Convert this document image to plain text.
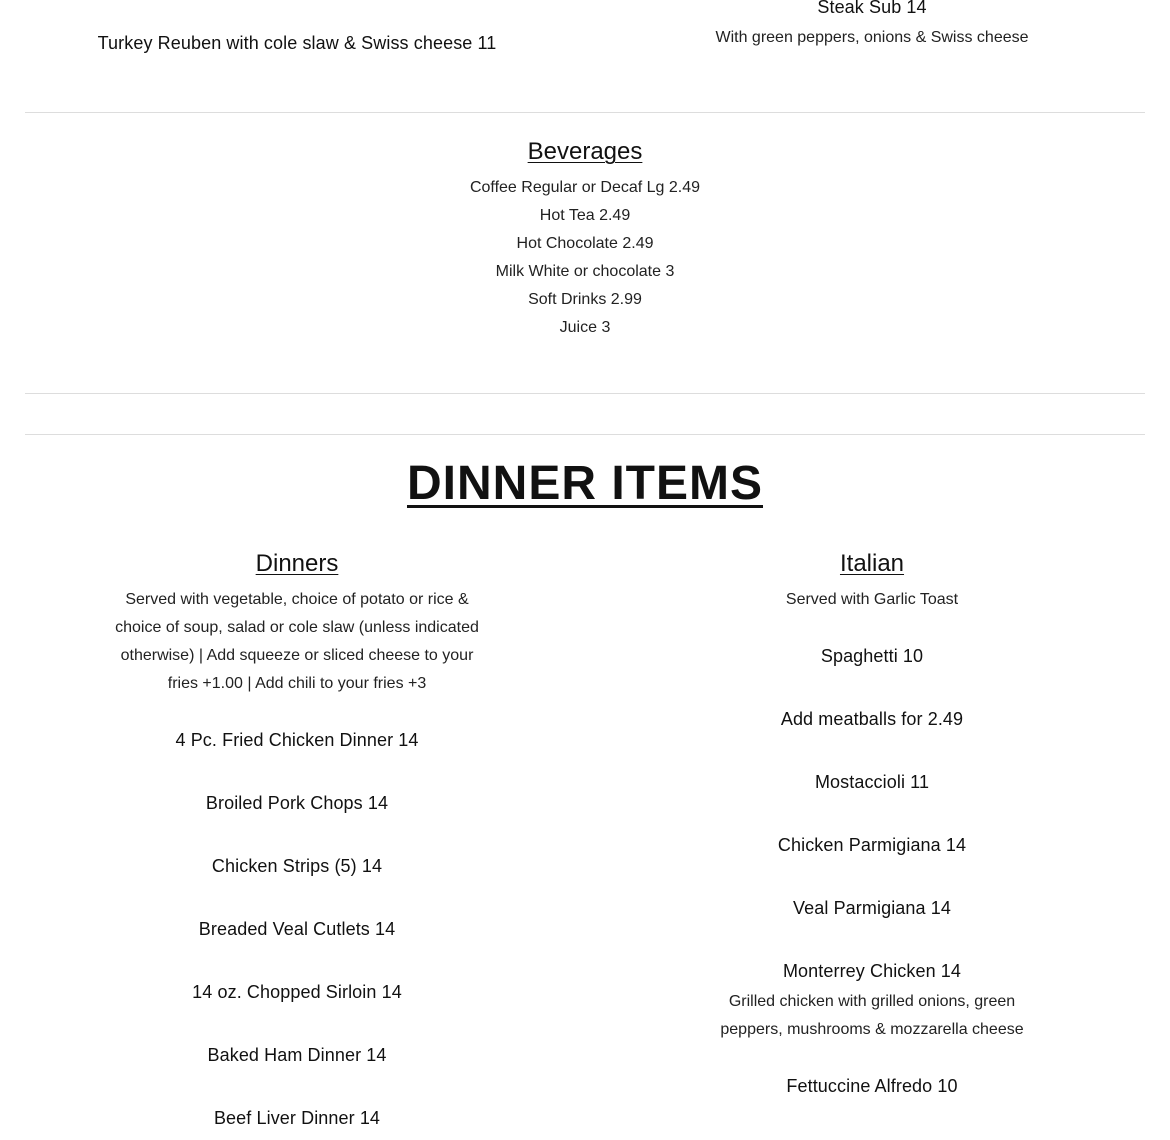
Turkey Reuben with cole slaw & Swiss cheese 11
Steak Sub 14
With green peppers, onions & Swiss cheese
Beverages
Coffee Regular or Decaf Lg 2.49
Hot Tea 2.49
Hot Chocolate 2.49
Milk White or chocolate 3
Soft Drinks 2.99
Juice 3
DINNER ITEMS
Dinners
Served with vegetable, choice of potato or rice &
choice of soup, salad or cole slaw (unless indicated
otherwise) | Add squeeze or sliced cheese to your
fries +1.00 | Add chili to your fries +3
4 Pc. Fried Chicken Dinner 14
Broiled Pork Chops 14
Chicken Strips (5) 14
Breaded Veal Cutlets 14
14 oz. Chopped Sirloin 14
Baked Ham Dinner 14
Beef Liver Dinner 14
Italian
Served with Garlic Toast
Spaghetti 10
Add meatballs for 2.49
Mostaccioli 11
Chicken Parmigiana 14
Veal Parmigiana 14
Monterrey Chicken 14
Grilled chicken with grilled onions, green
peppers, mushrooms & mozzarella cheese
Fettuccine Alfredo 10
